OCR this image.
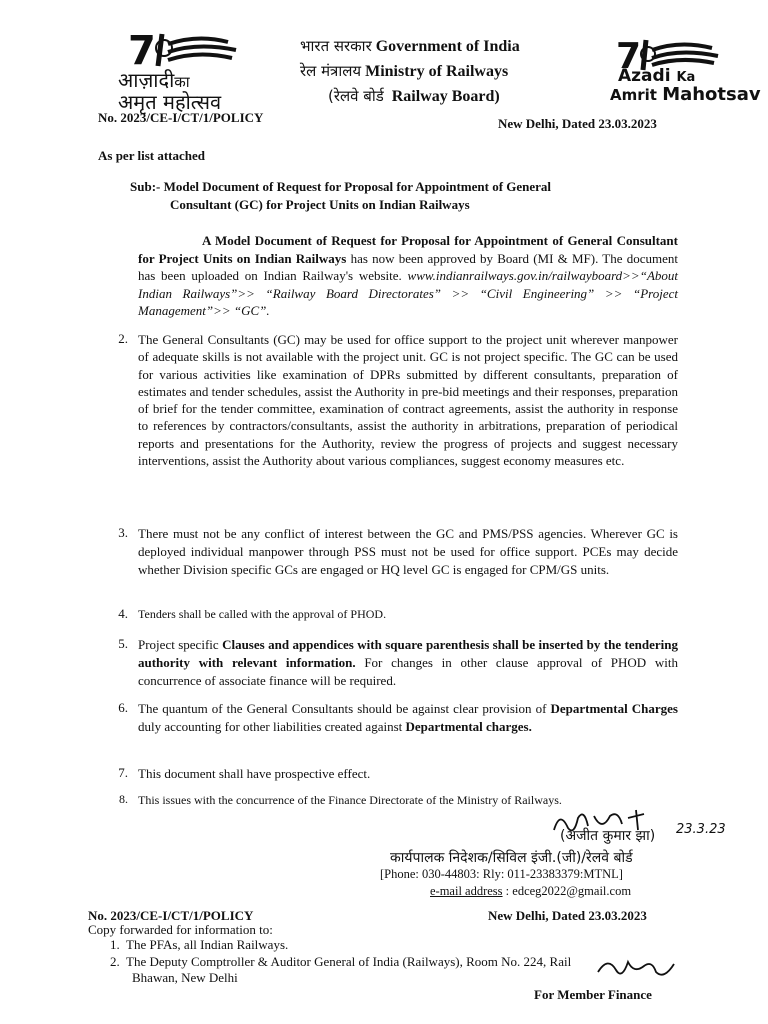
7
आज़ादीका
अमृत महोत्सव
7
Azadi Ka
Amrit Mahotsav
भारत सरकार Government of India
रेल मंत्रालय Ministry of Railways
(रेलवे बोर्ड Railway Board)
No. 2023/CE-I/CT/1/POLICY	New Delhi, Dated 23.03.2023
As per list attached
Sub:- Model Document of Request for Proposal for Appointment of General
Consultant (GC) for Project Units on Indian Railways
A Model Document of Request for Proposal for Appointment of General Consultant for Project Units on Indian Railways has now been approved by Board (MI & MF). The document has been uploaded on Indian Railway's website. www.indianrailways.gov.in/railwayboard>>“About Indian Railways”>> “Railway Board Directorates” >> “Civil Engineering” >> “Project Management”>> “GC”.
2. The General Consultants (GC) may be used for office support to the project unit wherever manpower of adequate skills is not available with the project unit. GC is not project specific. The GC can be used for various activities like examination of DPRs submitted by different consultants, preparation of estimates and tender schedules, assist the Authority in pre-bid meetings and their responses, preparation of brief for the tender committee, examination of contract agreements, assist the authority in response to references by contractors/consultants, assist the authority in arbitrations, preparation of periodical reports and presentations for the Authority, review the progress of projects and suggest necessary interventions, assist the Authority about various compliances, suggest economy measures etc.
3. There must not be any conflict of interest between the GC and PMS/PSS agencies. Wherever GC is deployed individual manpower through PSS must not be used for office support. PCEs may decide whether Division specific GCs are engaged or HQ level GC is engaged for CPM/GS units.
4. Tenders shall be called with the approval of PHOD.
5. Project specific Clauses and appendices with square parenthesis shall be inserted by the tendering authority with relevant information. For changes in other clause approval of PHOD with concurrence of associate finance will be required.
6. The quantum of the General Consultants should be against clear provision of Departmental Charges duly accounting for other liabilities created against Departmental charges.
7. This document shall have prospective effect.
8. This issues with the concurrence of the Finance Directorate of the Ministry of Railways.
23.3.23
(अजीत कुमार झा)
कार्यपालक निदेशक/सिविल इंजी.(जी)/रेलवे बोर्ड
[Phone: 030-44803: Rly: 011-23383379:MTNL]
e-mail address : edceg2022@gmail.com
No. 2023/CE-I/CT/1/POLICY	New Delhi, Dated 23.03.2023
Copy forwarded for information to:
1. The PFAs, all Indian Railways.
2. The Deputy Comptroller & Auditor General of India (Railways), Room No. 224, Rail
Bhawan, New Delhi
For Member Finance
